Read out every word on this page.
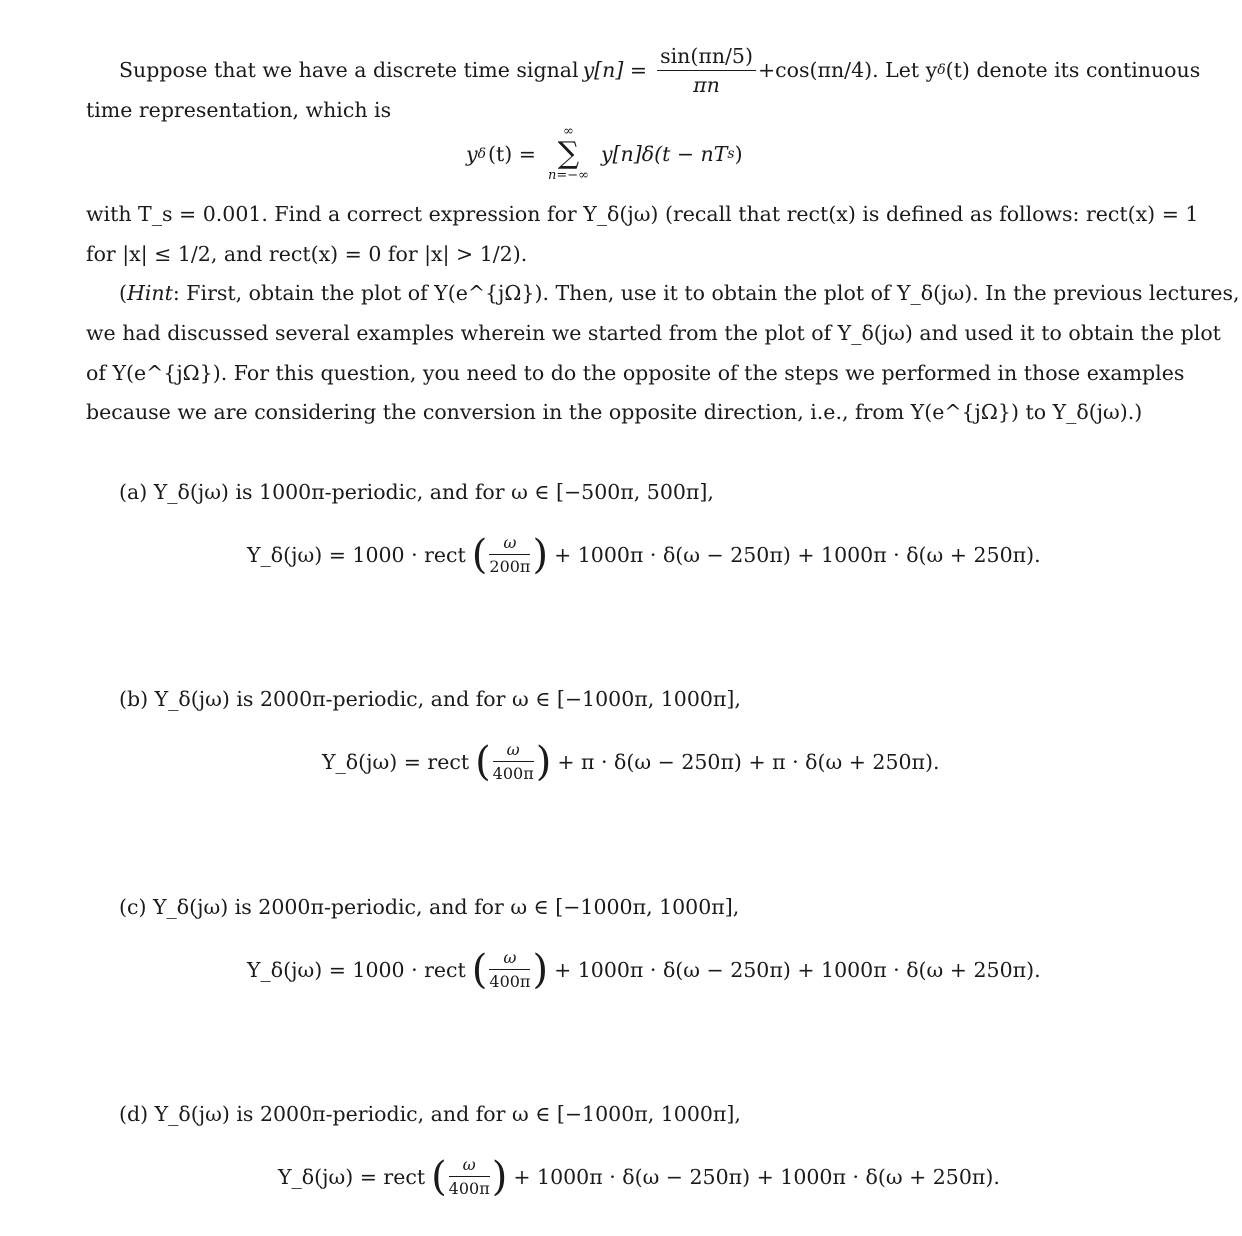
Suppose that we have a discrete time signal $y[n] = \frac{\sin(\pi n/5)}{\pi n} +\cos(\pi n/4)$. Let y δ (t) denote its continuous
time representation, which is
y δ (t) =
∞
∑
n=−∞
y[n]δ(t − nT s )
with T_s = 0.001. Find a correct expression for Y_δ(jω) (recall that rect(x) is defined as follows: rect(x) = 1
for |x| ≤ 1/2, and rect(x) = 0 for |x| > 1/2).
(Hint: First, obtain the plot of Y(e^{jΩ}). Then, use it to obtain the plot of Y_δ(jω). In the previous lectures,
we had discussed several examples wherein we started from the plot of Y_δ(jω) and used it to obtain the plot
of Y(e^{jΩ}). For this question, you need to do the opposite of the steps we performed in those examples
because we are considering the conversion in the opposite direction, i.e., from Y(e^{jΩ}) to Y_δ(jω).)
(a) Y_δ(jω) is 1000π-periodic, and for ω ∈ [−500π, 500π],
Y_δ(jω) = 1000 · rect ( $\frac{\omega}{200\pi}$ ) + 1000π · δ(ω − 250π) + 1000π · δ(ω + 250π).
(b) Y_δ(jω) is 2000π-periodic, and for ω ∈ [−1000π, 1000π],
Y_δ(jω) = rect ( $\frac{\omega}{400\pi}$ ) + π · δ(ω − 250π) + π · δ(ω + 250π).
(c) Y_δ(jω) is 2000π-periodic, and for ω ∈ [−1000π, 1000π],
Y_δ(jω) = 1000 · rect ( $\frac{\omega}{400\pi}$ ) + 1000π · δ(ω − 250π) + 1000π · δ(ω + 250π).
(d) Y_δ(jω) is 2000π-periodic, and for ω ∈ [−1000π, 1000π],
Y_δ(jω) = rect ( $\frac{\omega}{400\pi}$ ) + 1000π · δ(ω − 250π) + 1000π · δ(ω + 250π).
